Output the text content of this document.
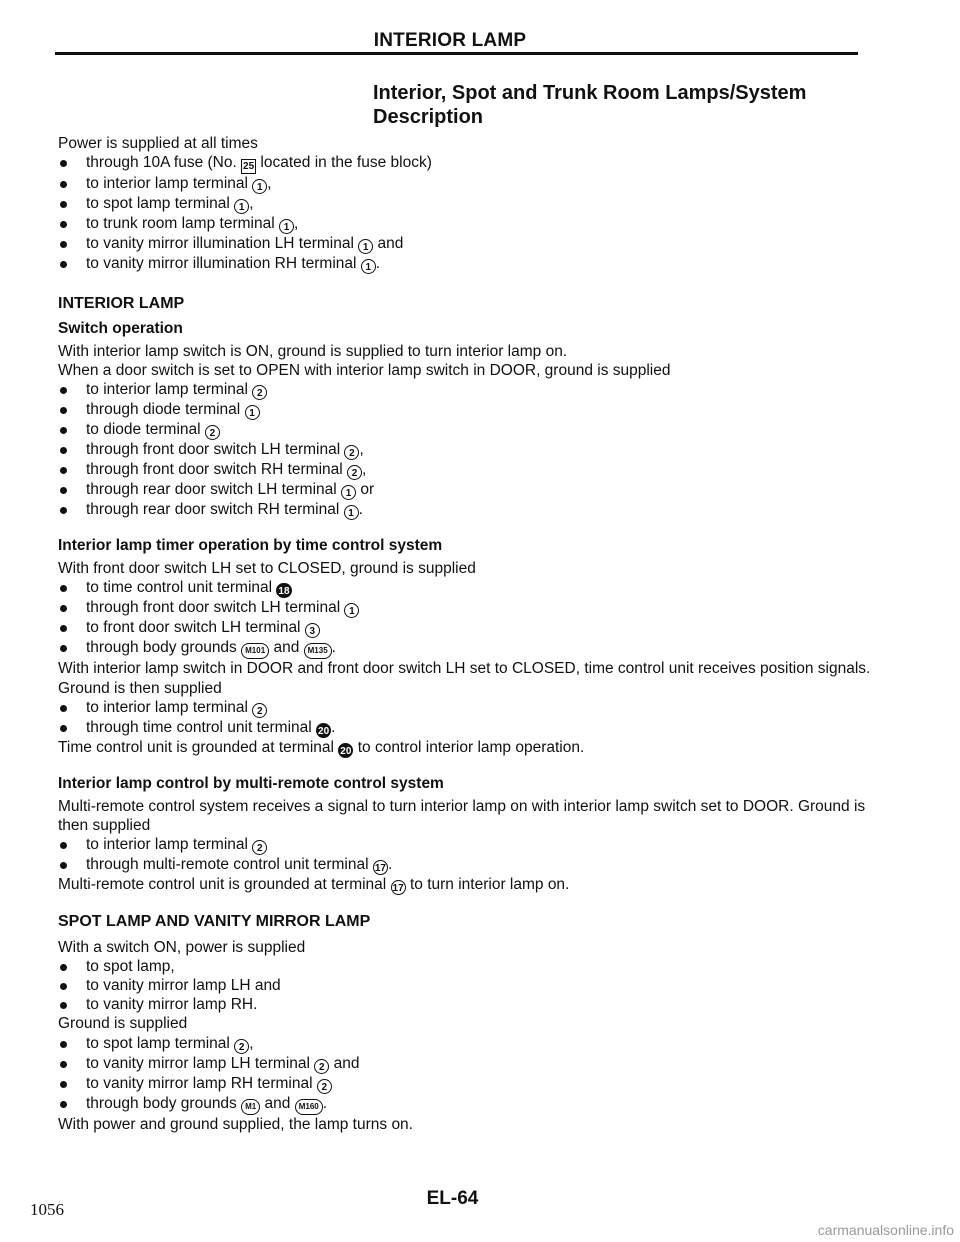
INTERIOR LAMP
Interior, Spot and Trunk Room Lamps/System
Description
Power is supplied at all times
through 10A fuse (No. 25 located in the fuse block)
to interior lamp terminal 1 ,
to spot lamp terminal 1 ,
to trunk room lamp terminal 1 ,
to vanity mirror illumination LH terminal 1 and
to vanity mirror illumination RH terminal 1 .
INTERIOR LAMP
Switch operation
With interior lamp switch is ON, ground is supplied to turn interior lamp on.
When a door switch is set to OPEN with interior lamp switch in DOOR, ground is supplied
to interior lamp terminal 2
through diode terminal 1
to diode terminal 2
through front door switch LH terminal 2 ,
through front door switch RH terminal 2 ,
through rear door switch LH terminal 1 or
through rear door switch RH terminal 1 .
Interior lamp timer operation by time control system
With front door switch LH set to CLOSED, ground is supplied
to time control unit terminal 18
through front door switch LH terminal 1
to front door switch LH terminal 3
through body grounds M101 and M135 .
With interior lamp switch in DOOR and front door switch LH set to CLOSED, time control unit receives position signals. Ground is then supplied
to interior lamp terminal 2
through time control unit terminal 20 .
Time control unit is grounded at terminal 20 to control interior lamp operation.
Interior lamp control by multi-remote control system
Multi-remote control system receives a signal to turn interior lamp on with interior lamp switch set to DOOR. Ground is then supplied
to interior lamp terminal 2
through multi-remote control unit terminal 17 .
Multi-remote control unit is grounded at terminal 17 to turn interior lamp on.
SPOT LAMP AND VANITY MIRROR LAMP
With a switch ON, power is supplied
to spot lamp,
to vanity mirror lamp LH and
to vanity mirror lamp RH.
Ground is supplied
to spot lamp terminal 2 ,
to vanity mirror lamp LH terminal 2 and
to vanity mirror lamp RH terminal 2
through body grounds M1 and M160 .
With power and ground supplied, the lamp turns on.
EL-64
1056
carmanualsonline.info
